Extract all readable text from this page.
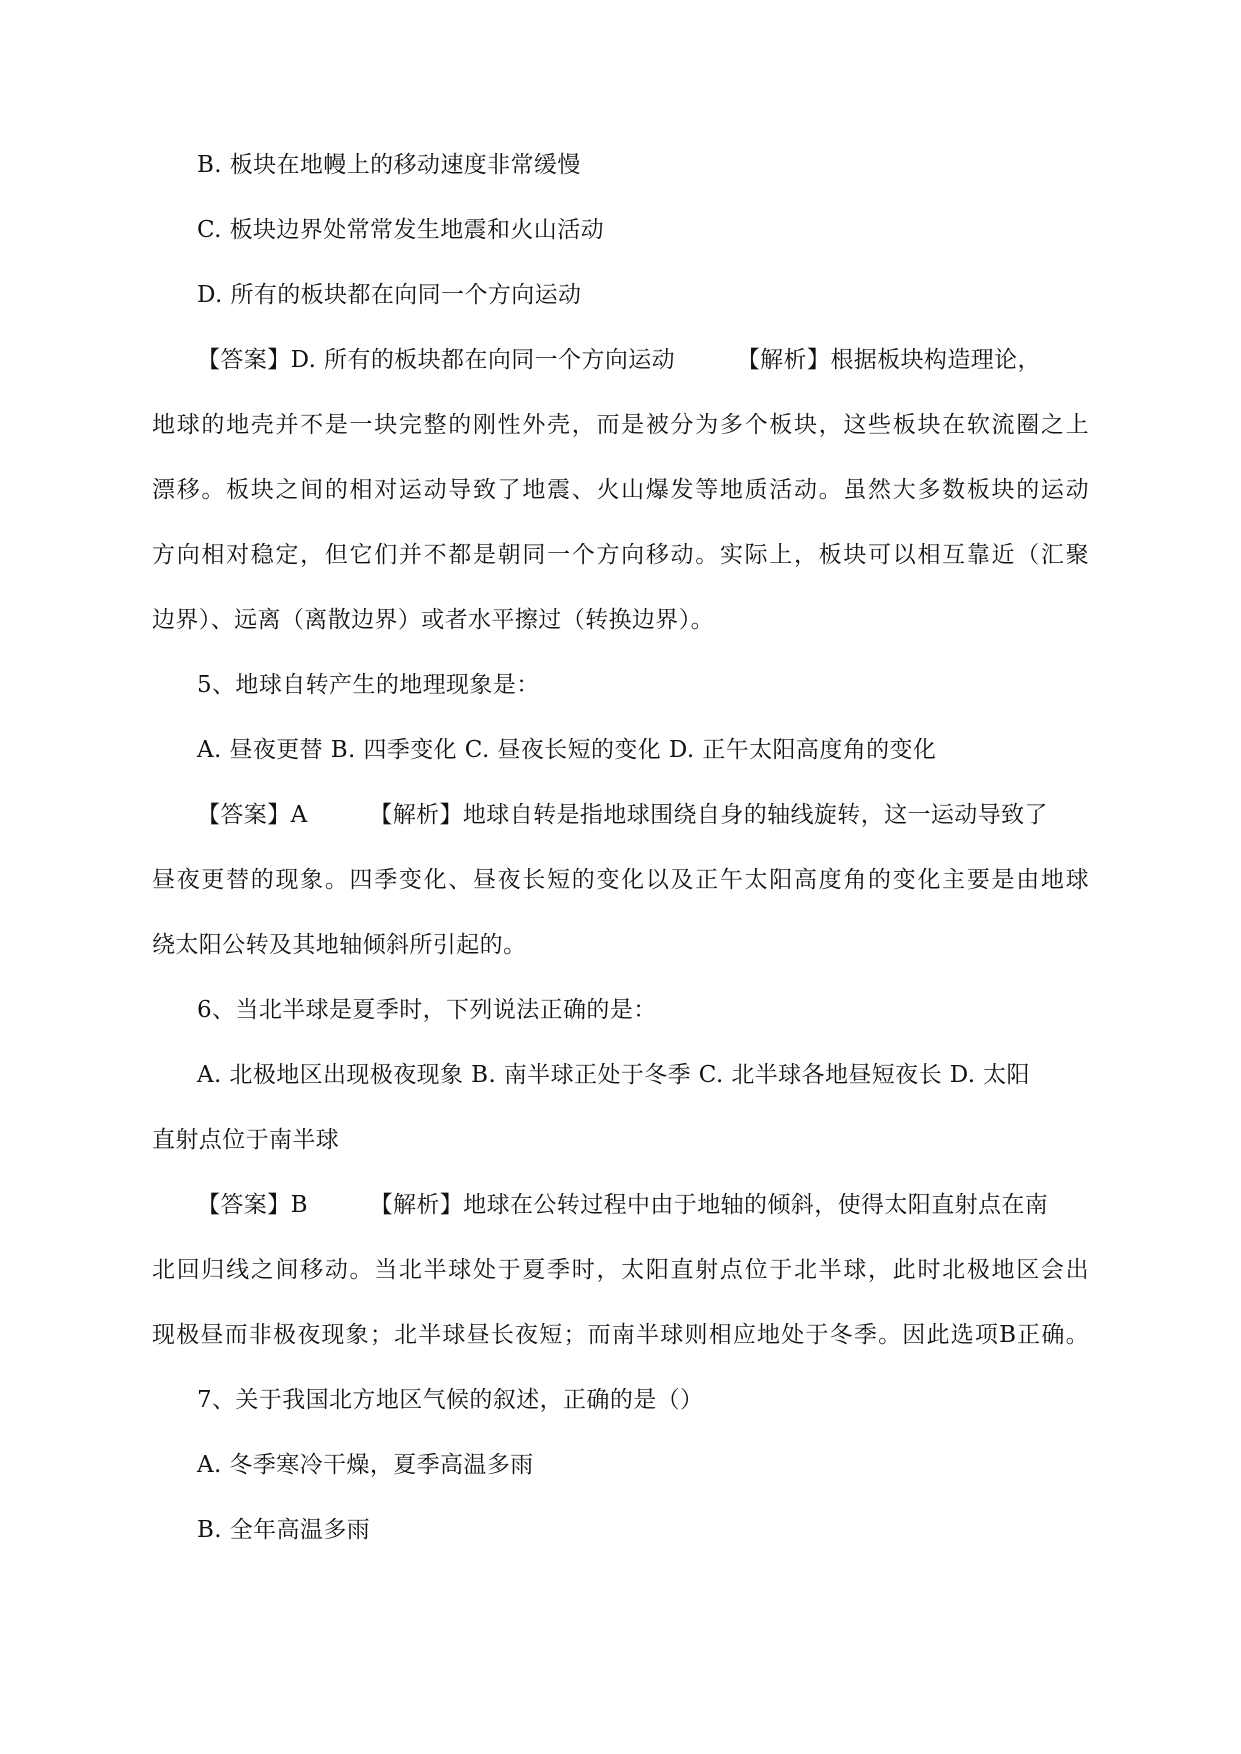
B. 板块在地幔上的移动速度非常缓慢
C. 板块边界处常常发生地震和火山活动
D. 所有的板块都在向同一个方向运动
【答案】D. 所有的板块都在向同一个方向运动        【解析】根据板块构造理论，
地球的地壳并不是一块完整的刚性外壳，而是被分为多个板块，这些板块在软流圈之上
漂移。板块之间的相对运动导致了地震、火山爆发等地质活动。虽然大多数板块的运动
方向相对稳定，但它们并不都是朝同一个方向移动。实际上，板块可以相互靠近（汇聚
边界）、远离（离散边界）或者水平擦过（转换边界）。
5、地球自转产生的地理现象是：
A. 昼夜更替 B. 四季变化 C. 昼夜长短的变化 D. 正午太阳高度角的变化
【答案】A        【解析】地球自转是指地球围绕自身的轴线旋转，这一运动导致了
昼夜更替的现象。四季变化、昼夜长短的变化以及正午太阳高度角的变化主要是由地球
绕太阳公转及其地轴倾斜所引起的。
6、当北半球是夏季时，下列说法正确的是：
A. 北极地区出现极夜现象 B. 南半球正处于冬季 C. 北半球各地昼短夜长 D. 太阳
直射点位于南半球
【答案】B        【解析】地球在公转过程中由于地轴的倾斜，使得太阳直射点在南
北回归线之间移动。当北半球处于夏季时，太阳直射点位于北半球，此时北极地区会出
现极昼而非极夜现象；北半球昼长夜短；而南半球则相应地处于冬季。因此选项B正确。
7、关于我国北方地区气候的叙述，正确的是（）
A. 冬季寒冷干燥，夏季高温多雨
B. 全年高温多雨
